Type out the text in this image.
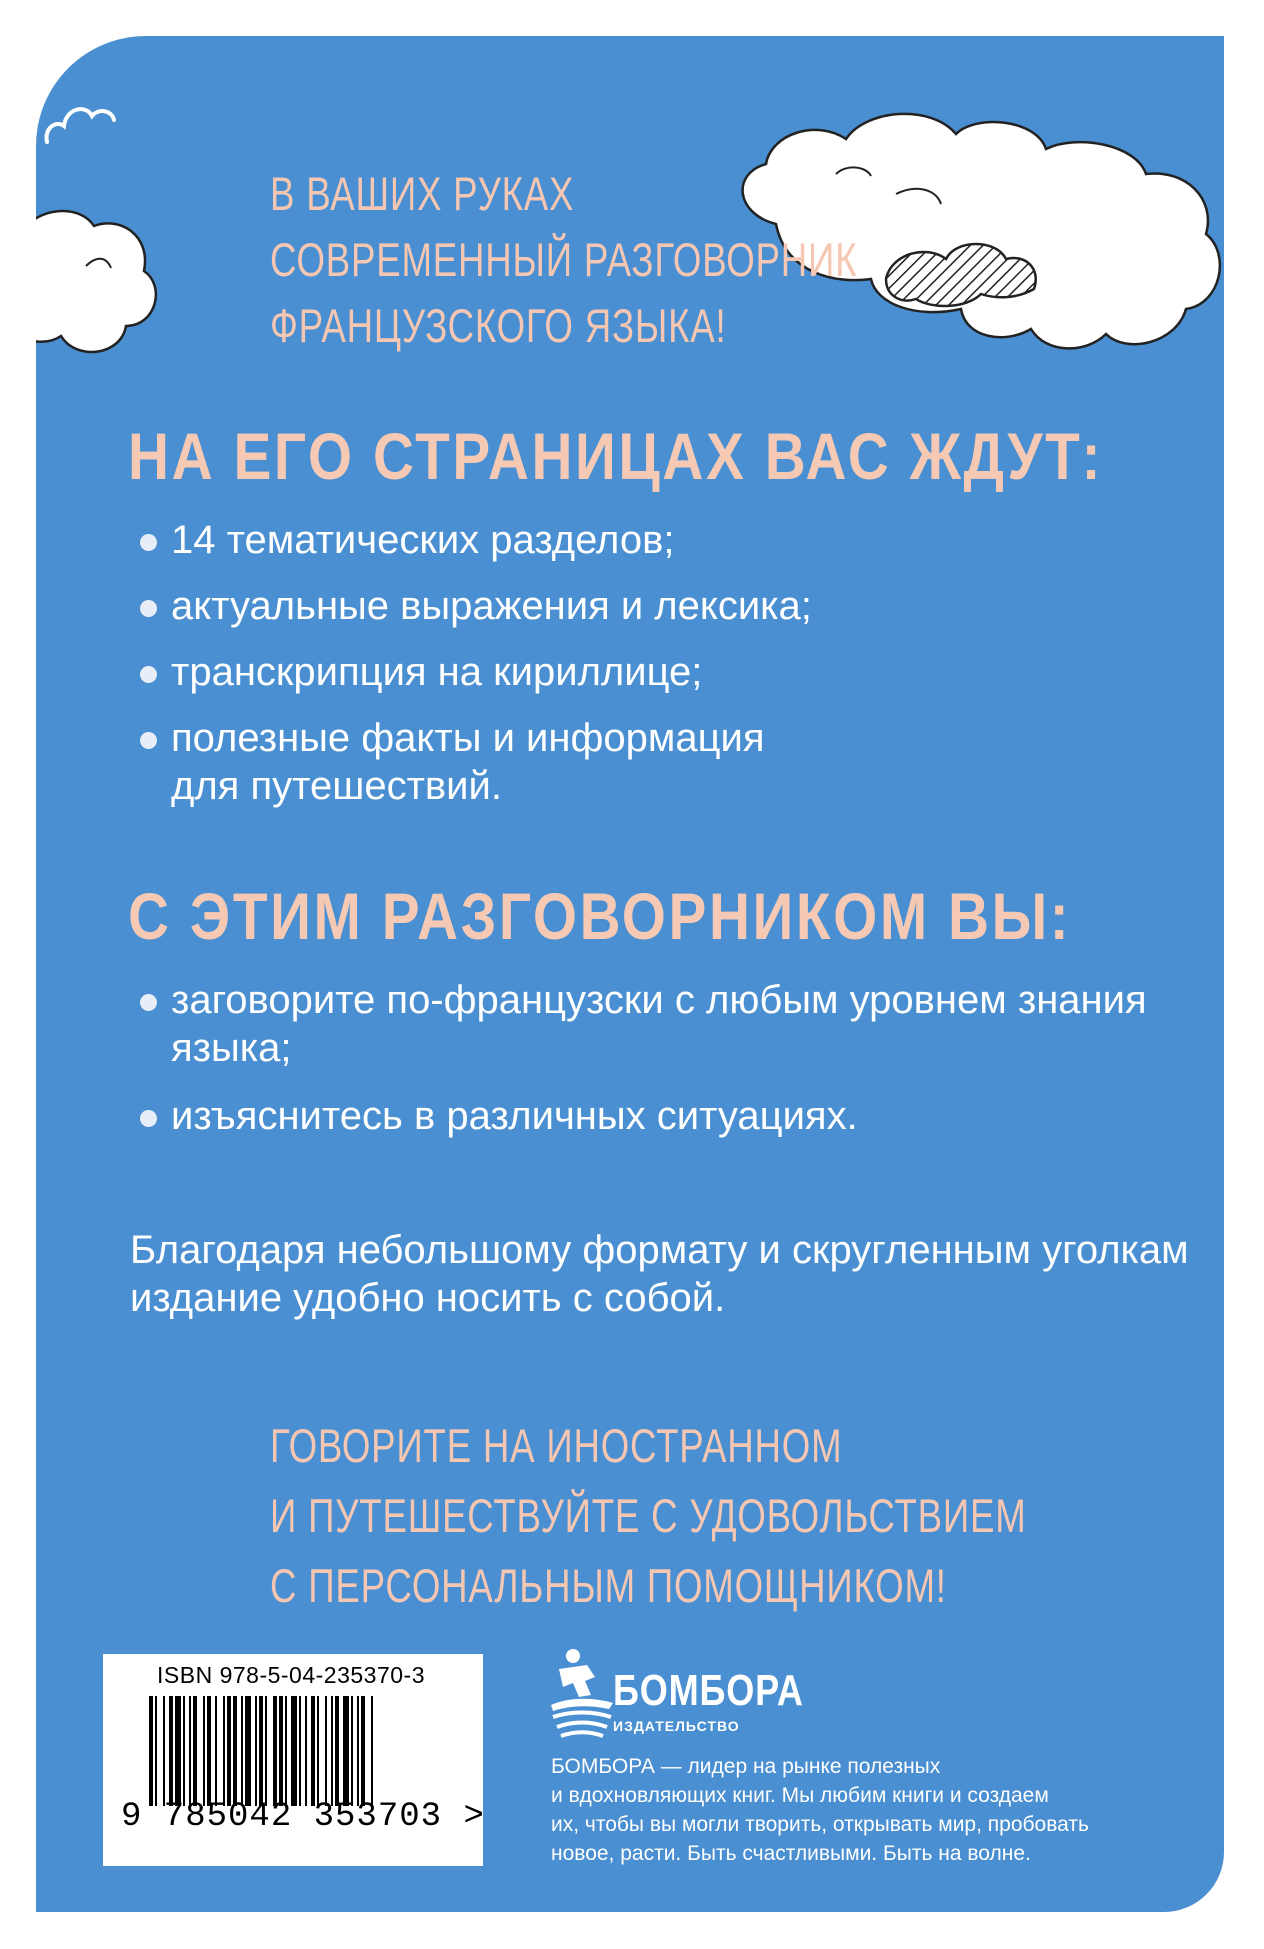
В ВАШИХ РУКАХ
СОВРЕМЕННЫЙ РАЗГОВОРНИК
ФРАНЦУЗСКОГО ЯЗЫКА!
НА ЕГО СТРАНИЦАХ ВАС ЖДУТ:
14 тематических разделов;
актуальные выражения и лексика;
транскрипция на кириллице;
полезные факты и информация для путешествий.
С ЭТИМ РАЗГОВОРНИКОМ ВЫ:
заговорите по-французски с любым уровнем знания языка;
изъяснитесь в различных ситуациях.
Благодаря небольшому формату и скругленным уголкам издание удобно носить с собой.
ГОВОРИТЕ НА ИНОСТРАННОМ
И ПУТЕШЕСТВУЙТЕ С УДОВОЛЬСТВИЕМ
С ПЕРСОНАЛЬНЫМ ПОМОЩНИКОМ!
ISBN 978-5-04-235370-3
9 785042 353703 >
БОМБОРА
ИЗДАТЕЛЬСТВО
БОМБОРА — лидер на рынке полезных
и вдохновляющих книг. Мы любим книги и создаем
их, чтобы вы могли творить, открывать мир, пробовать
новое, расти. Быть счастливыми. Быть на волне.
